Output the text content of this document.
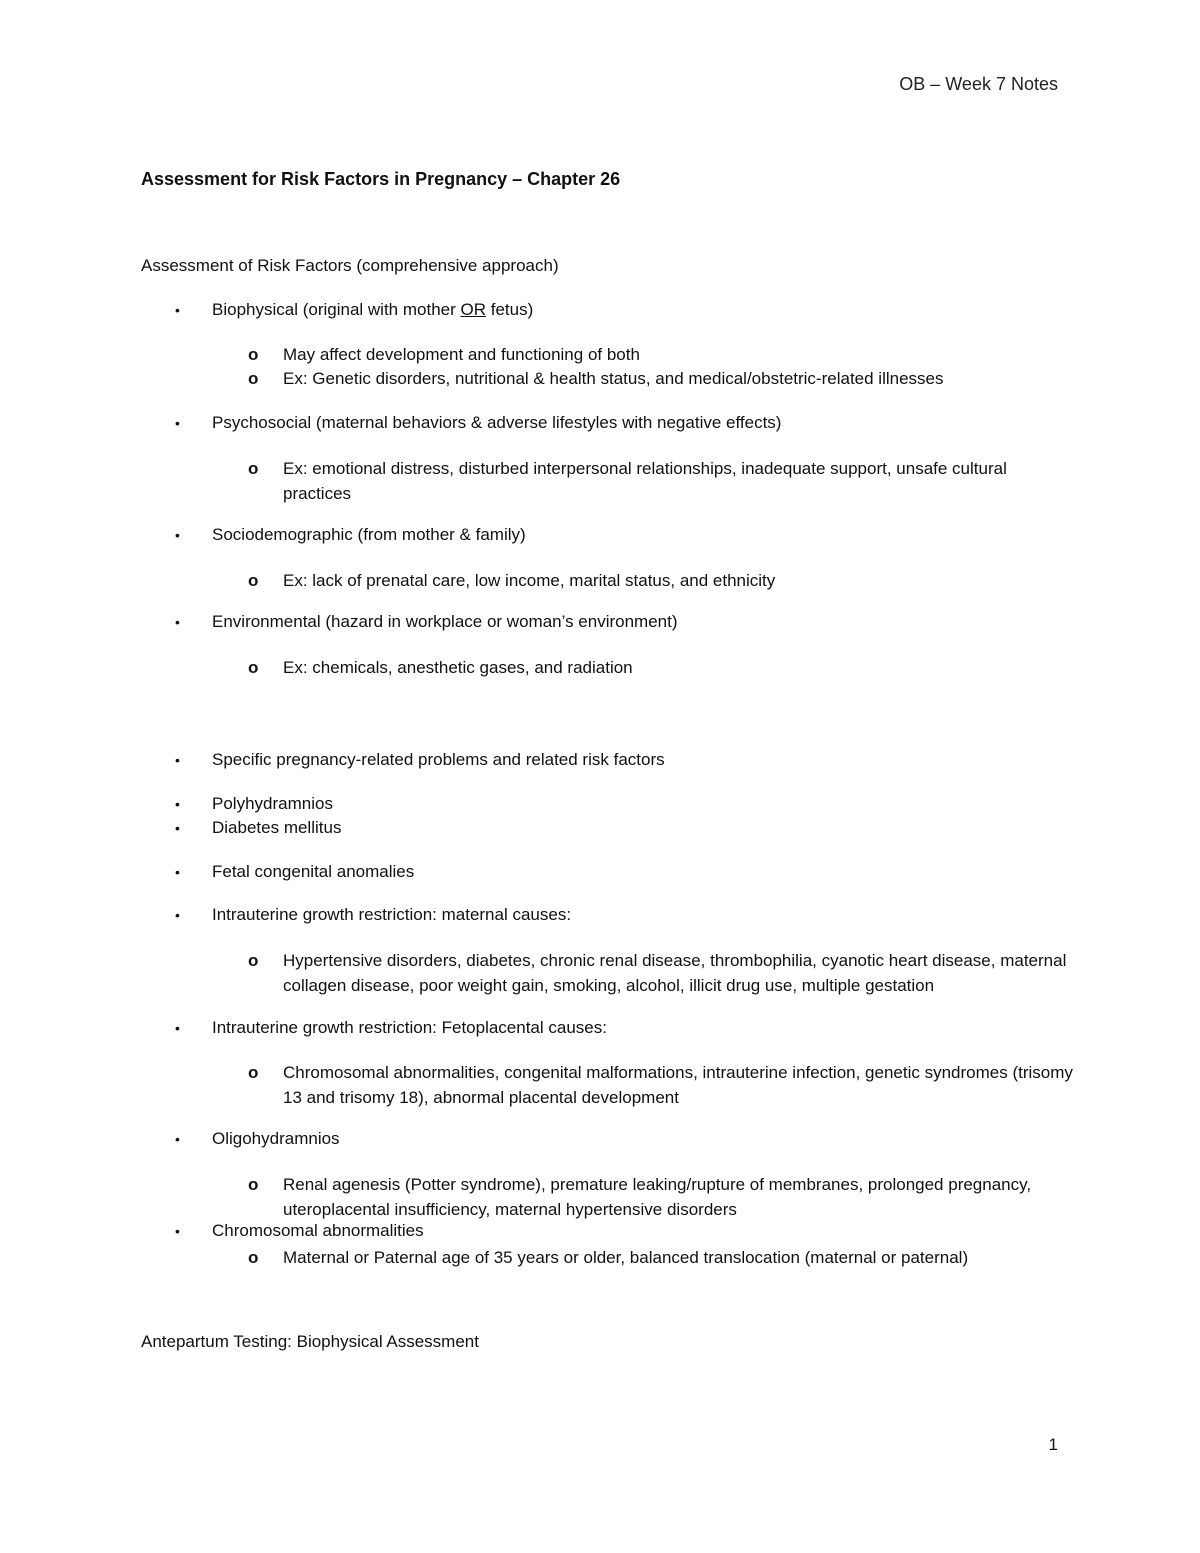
OB – Week 7 Notes
Assessment for Risk Factors in Pregnancy – Chapter 26
Assessment of Risk Factors (comprehensive approach)
• Biophysical (original with mother OR fetus)
o May affect development and functioning of both
o Ex: Genetic disorders, nutritional & health status, and medical/obstetric-related illnesses
• Psychosocial (maternal behaviors & adverse lifestyles with negative effects)
o Ex: emotional distress, disturbed interpersonal relationships, inadequate support, unsafe cultural practices
• Sociodemographic (from mother & family)
o Ex: lack of prenatal care, low income, marital status, and ethnicity
• Environmental (hazard in workplace or woman’s environment)
o Ex: chemicals, anesthetic gases, and radiation
• Specific pregnancy-related problems and related risk factors
• Polyhydramnios
• Diabetes mellitus
• Fetal congenital anomalies
• Intrauterine growth restriction: maternal causes:
o Hypertensive disorders, diabetes, chronic renal disease, thrombophilia, cyanotic heart disease, maternal collagen disease, poor weight gain, smoking, alcohol, illicit drug use, multiple gestation
• Intrauterine growth restriction: Fetoplacental causes:
o Chromosomal abnormalities, congenital malformations, intrauterine infection, genetic syndromes (trisomy 13 and trisomy 18), abnormal placental development
• Oligohydramnios
o Renal agenesis (Potter syndrome), premature leaking/rupture of membranes, prolonged pregnancy, uteroplacental insufficiency, maternal hypertensive disorders
• Chromosomal abnormalities
o Maternal or Paternal age of 35 years or older, balanced translocation (maternal or paternal)
Antepartum Testing: Biophysical Assessment
1
